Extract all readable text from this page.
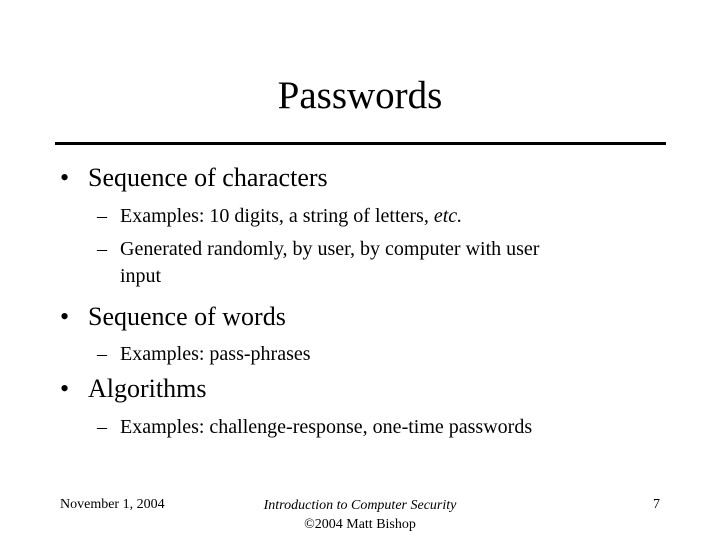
Passwords
• Sequence of characters
– Examples: 10 digits, a string of letters, etc.
– Generated randomly, by user, by computer with user
input
• Sequence of words
– Examples: pass-phrases
• Algorithms
– Examples: challenge-response, one-time passwords
November 1, 2004	Introduction to Computer Security
©2004 Matt Bishop
7
